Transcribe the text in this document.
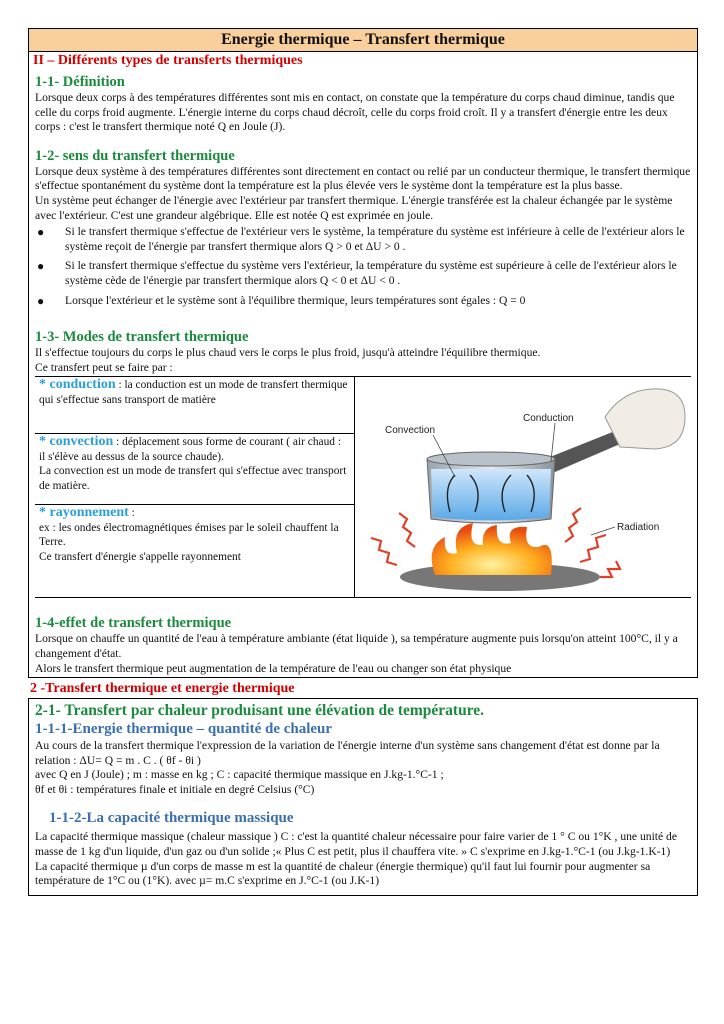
Energie thermique – Transfert thermique
II – Différents types de transferts thermiques
1-1- Définition

Lorsque deux corps à des températures différentes sont mis en contact, on constate que la température du corps chaud diminue, tandis que celle du corps froid augmente. L'énergie interne du corps chaud décroît, celle du corps froid croît. Il y a transfert d'énergie entre les deux corps : c'est le transfert thermique noté Q en Joule (J).

1-2- sens du transfert thermique

Lorsque deux système à des températures différentes sont directement en contact ou relié par un conducteur thermique, le transfert thermique s'effectue spontanément du système dont la température est la plus élevée vers le système dont la température est la plus basse.

Un système peut échanger de l'énergie avec l'extérieur par transfert thermique. L'énergie transférée est la chaleur échangée par le système avec l'extérieur. C'est une grandeur algébrique. Elle est notée Q est exprimée en joule.

● Si le transfert thermique s'effectue de l'extérieur vers le système, la température du système est inférieure à celle de l'extérieur alors le système reçoit de l'énergie par transfert thermique alors Q > 0 et ΔU > 0 .
● Si le transfert thermique s'effectue du système vers l'extérieur, la température du système est supérieure à celle de l'extérieur alors le système cède de l'énergie par transfert thermique alors Q < 0 et ΔU < 0 .
● Lorsque l'extérieur et le système sont à l'équilibre thermique, leurs températures sont égales : Q = 0
1-3- Modes de transfert thermique

Il s'effectue toujours du corps le plus chaud vers le corps le plus froid, jusqu'à atteindre l'équilibre thermique.

Ce transfert peut se faire par :

* conduction : la conduction est un mode de transfert thermique qui s'effectue sans transport de matière

* convection : déplacement sous forme de courant ( air chaud : il s'élève au dessus de la source chaude).

La convection est un mode de transfert qui s'effectue avec transport de matière.

* rayonnement :

ex : les ondes électromagnétiques émises par le soleil chauffent la Terre.

Ce transfert d'énergie s'appelle rayonnement

Convection
Conduction
Radiation
1-4-effet de transfert thermique

Lorsque on chauffe un quantité de l'eau à température ambiante (état liquide ), sa température augmente puis lorsqu'on atteint 100°C, il y a changement d'état.

Alors le transfert thermique peut augmentation de la température de l'eau ou changer son état physique

2 -Transfert thermique et energie thermique
2-1- Transfert par chaleur produisant une élévation de température.
1-1-1-Energie thermique – quantité de chaleur

Au cours de la transfert thermique l'expression de la variation de l'énergie interne d'un système sans changement d'état est donne par la relation : ΔU= Q = m . C . ( θf - θi )

avec Q en J (Joule) ; m : masse en kg ; C : capacité thermique massique en J.kg-1.°C-1 ;

θf et θi : températures finale et initiale en degré Celsius (°C)

1-1-2-La capacité thermique massique

La capacité thermique massique (chaleur massique ) C : c'est la quantité chaleur nécessaire pour faire varier de 1 ° C ou 1°K , une unité de masse de 1 kg d'un liquide, d'un gaz ou d'un solide ;« Plus C est petit, plus il chauffera vite. » C s'exprime en J.kg-1.°C-1 (ou J.kg-1.K-1)

La capacité thermique µ d'un corps de masse m est la quantité de chaleur (énergie thermique) qu'il faut lui fournir pour augmenter sa température de 1°C ou (1°K). avec µ= m.C s'exprime en J.°C-1 (ou J.K-1)
